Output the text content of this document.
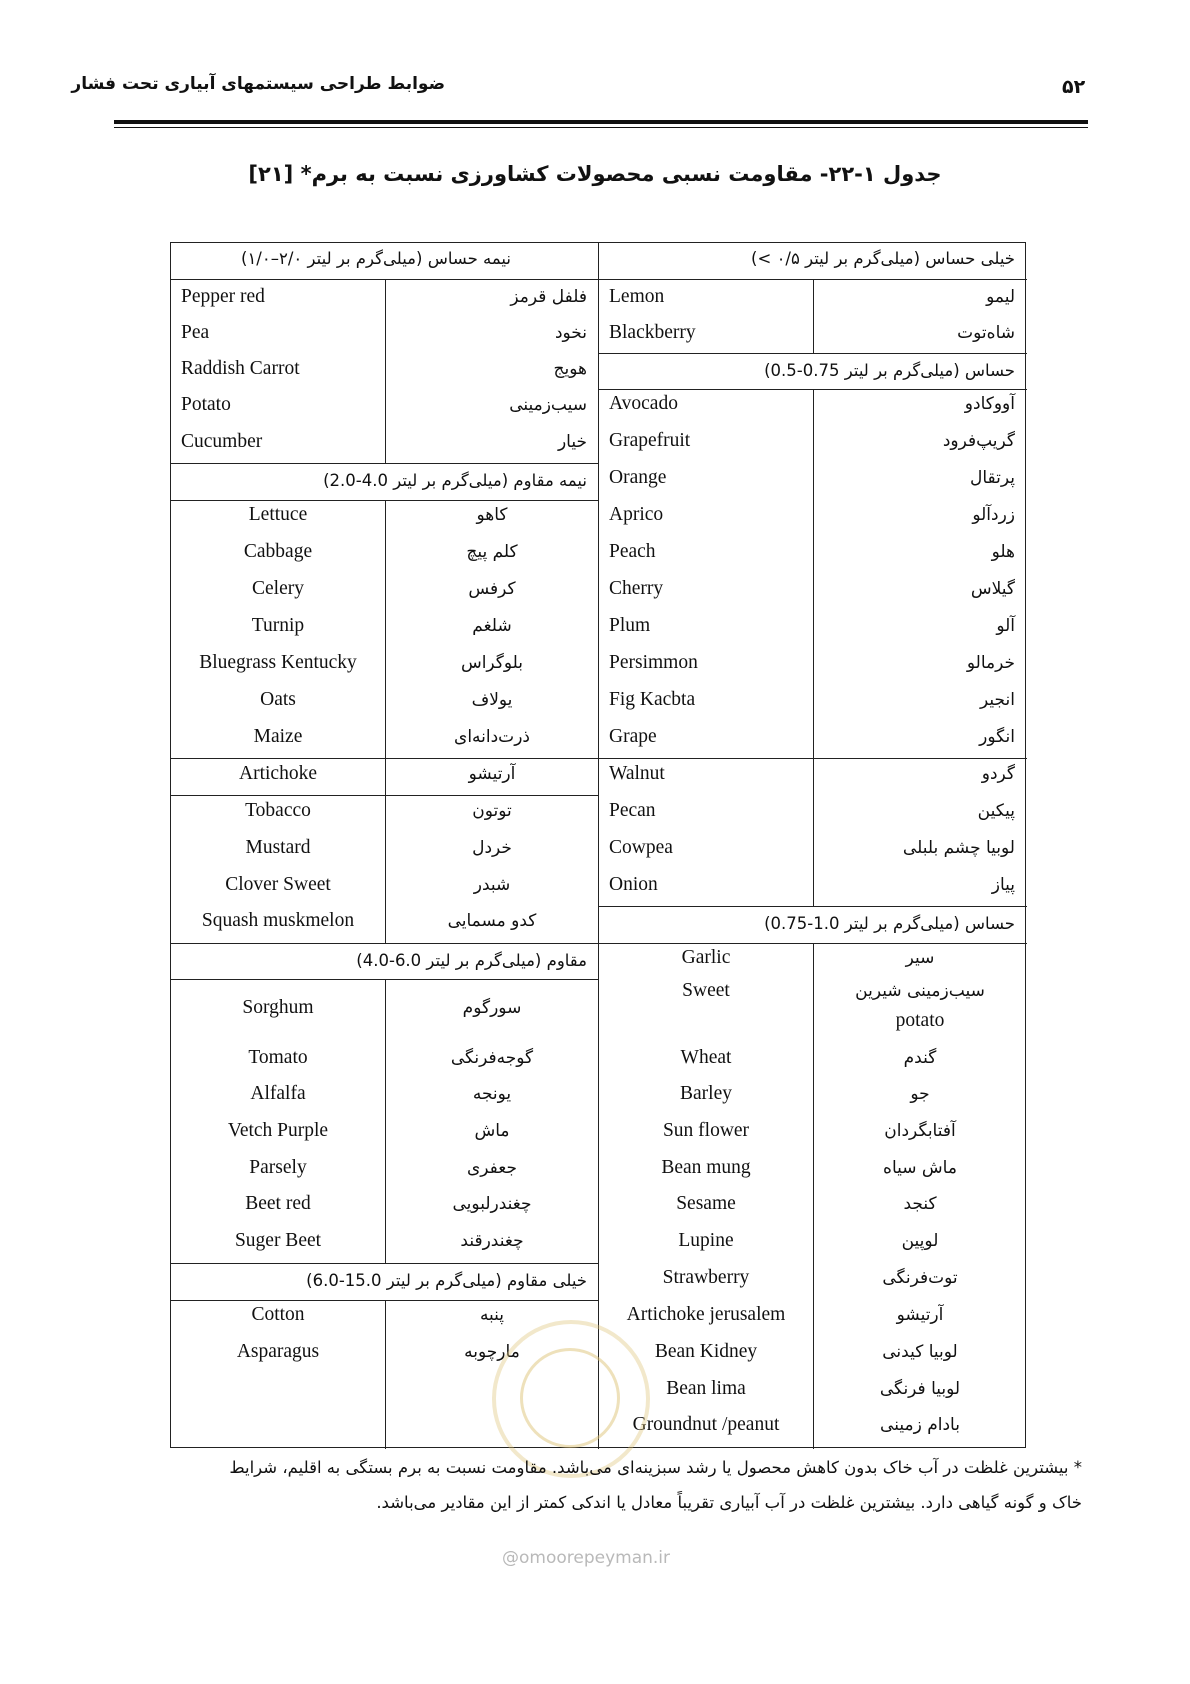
ضوابط طراحی سیستمهای آبیاری تحت فشار	۵۲
جدول ۱-۲۲- مقاومت نسبی محصولات کشاورزی نسبت به برم* [۲۱]
خیلی حساس (میلی‌گرم بر لیتر ۰/۵ >)
Lemon	لیمو
Blackberry	شاه‌توت
حساس (میلی‌گرم بر لیتر 0.75-0.5)
Avocado	آووکادو
Grapefruit	گریپ‌فرود
Orange	پرتقال
Aprico	زردآلو
Peach	هلو
Cherry	گیلاس
Plum	آلو
Persimmon	خرمالو
Fig Kacbta	انجیر
Grape	انگور
Walnut	گردو
Pecan	پیکین
Cowpea	لوبیا چشم بلبلی
Onion	پیاز
حساس (میلی‌گرم بر لیتر 1.0-0.75)
Garlic	سیر
Sweet	سیب‌زمینی شیرین
potato
Wheat	گندم
Barley	جو
Sun flower	آفتابگردان
Bean mung	ماش سیاه
Sesame	کنجد
Lupine	لوپین
Strawberry	توت‌فرنگی
Artichoke jerusalem	آرتیشو
Bean Kidney	لوبیا کیدنی
Bean lima	لوبیا فرنگی
Groundnut /peanut	بادام زمینی
نیمه حساس (میلی‌گرم بر لیتر ۲/۰–۱/۰)
Pepper red	فلفل قرمز
Pea	نخود
Raddish Carrot	هویج
Potato	سیب‌زمینی
Cucumber	خیار
نیمه مقاوم (میلی‌گرم بر لیتر 4.0-2.0)
Lettuce	کاهو
Cabbage	کلم پیچ
Celery	کرفس
Turnip	شلغم
Bluegrass Kentucky	بلوگراس
Oats	یولاف
Maize	ذرت‌دانه‌ای
Artichoke	آرتیشو
Tobacco	توتون
Mustard	خردل
Clover Sweet	شبدر
Squash muskmelon	کدو مسمایی
مقاوم (میلی‌گرم بر لیتر 6.0-4.0)
Sorghum	سورگوم
Tomato	گوجه‌فرنگی
Alfalfa	یونجه
Vetch Purple	ماش
Parsely	جعفری
Beet red	چغندرلبویی
Suger Beet	چغندرقند
خیلی مقاوم (میلی‌گرم بر لیتر 15.0-6.0)
Cotton	پنبه
Asparagus	مارچوبه
@omoorepeyman.ir
* بیشترین غلظت در آب خاک بدون کاهش محصول یا رشد سبزینه‌ای می‌باشد. مقاومت نسبت به برم بستگی به اقلیم، شرایط
خاک و گونه گیاهی دارد. بیشترین غلظت در آب آبیاری تقریباً معادل یا اندکی کمتر از این مقادیر می‌باشد.
